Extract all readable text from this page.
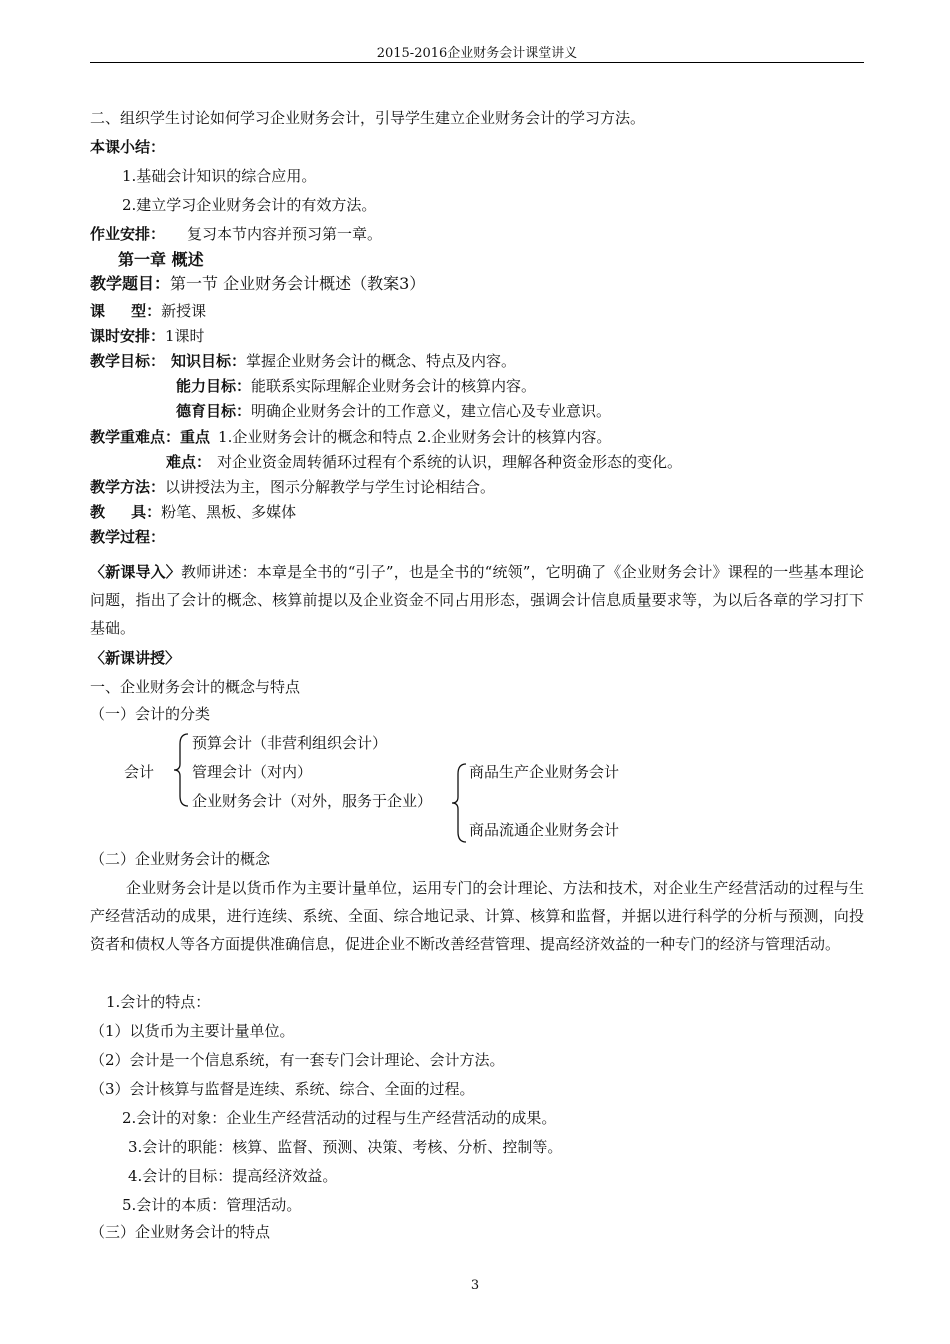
2015-2016企业财务会计课堂讲义
二、组织学生讨论如何学习企业财务会计，引导学生建立企业财务会计的学习方法。
本课小结：
1.基础会计知识的综合应用。
2.建立学习企业财务会计的有效方法。
作业安排： 复习本节内容并预习第一章。
第一章 概述
教学题目：第一节 企业财务会计概述（教案3）
课     型：新授课
课时安排：1课时
教学目标： 知识目标：掌握企业财务会计的概念、特点及内容。
能力目标：能联系实际理解企业财务会计的核算内容。
德育目标：明确企业财务会计的工作意义，建立信心及专业意识。
教学重难点：重点 1.企业财务会计的概念和特点 2.企业财务会计的核算内容。
难点： 对企业资金周转循环过程有个系统的认识，理解各种资金形态的变化。
教学方法：以讲授法为主，图示分解教学与学生讨论相结合。
教     具：粉笔、黑板、多媒体
教学过程：
〈新课导入〉教师讲述：本章是全书的“引子”，也是全书的“统领”，它明确了《企业财务会计》课程的一些基本理论问题，指出了会计的概念、核算前提以及企业资金不同占用形态，强调会计信息质量要求等，为以后各章的学习打下基础。
〈新课讲授〉
一、企业财务会计的概念与特点
（一）会计的分类
会计
预算会计（非营利组织会计）
管理会计（对内）
企业财务会计（对外，服务于企业）
商品生产企业财务会计
商品流通企业财务会计
（二）企业财务会计的概念
企业财务会计是以货币作为主要计量单位，运用专门的会计理论、方法和技术，对企业生产经营活动的过程与生产经营活动的成果，进行连续、系统、全面、综合地记录、计算、核算和监督，并据以进行科学的分析与预测，向投资者和债权人等各方面提供准确信息，促进企业不断改善经营管理、提高经济效益的一种专门的经济与管理活动。
1.会计的特点：
（1）以货币为主要计量单位。
（2）会计是一个信息系统，有一套专门会计理论、会计方法。
（3）会计核算与监督是连续、系统、综合、全面的过程。
2.会计的对象：企业生产经营活动的过程与生产经营活动的成果。
3.会计的职能：核算、监督、预测、决策、考核、分析、控制等。
4.会计的目标：提高经济效益。
5.会计的本质：管理活动。
（三）企业财务会计的特点
3
